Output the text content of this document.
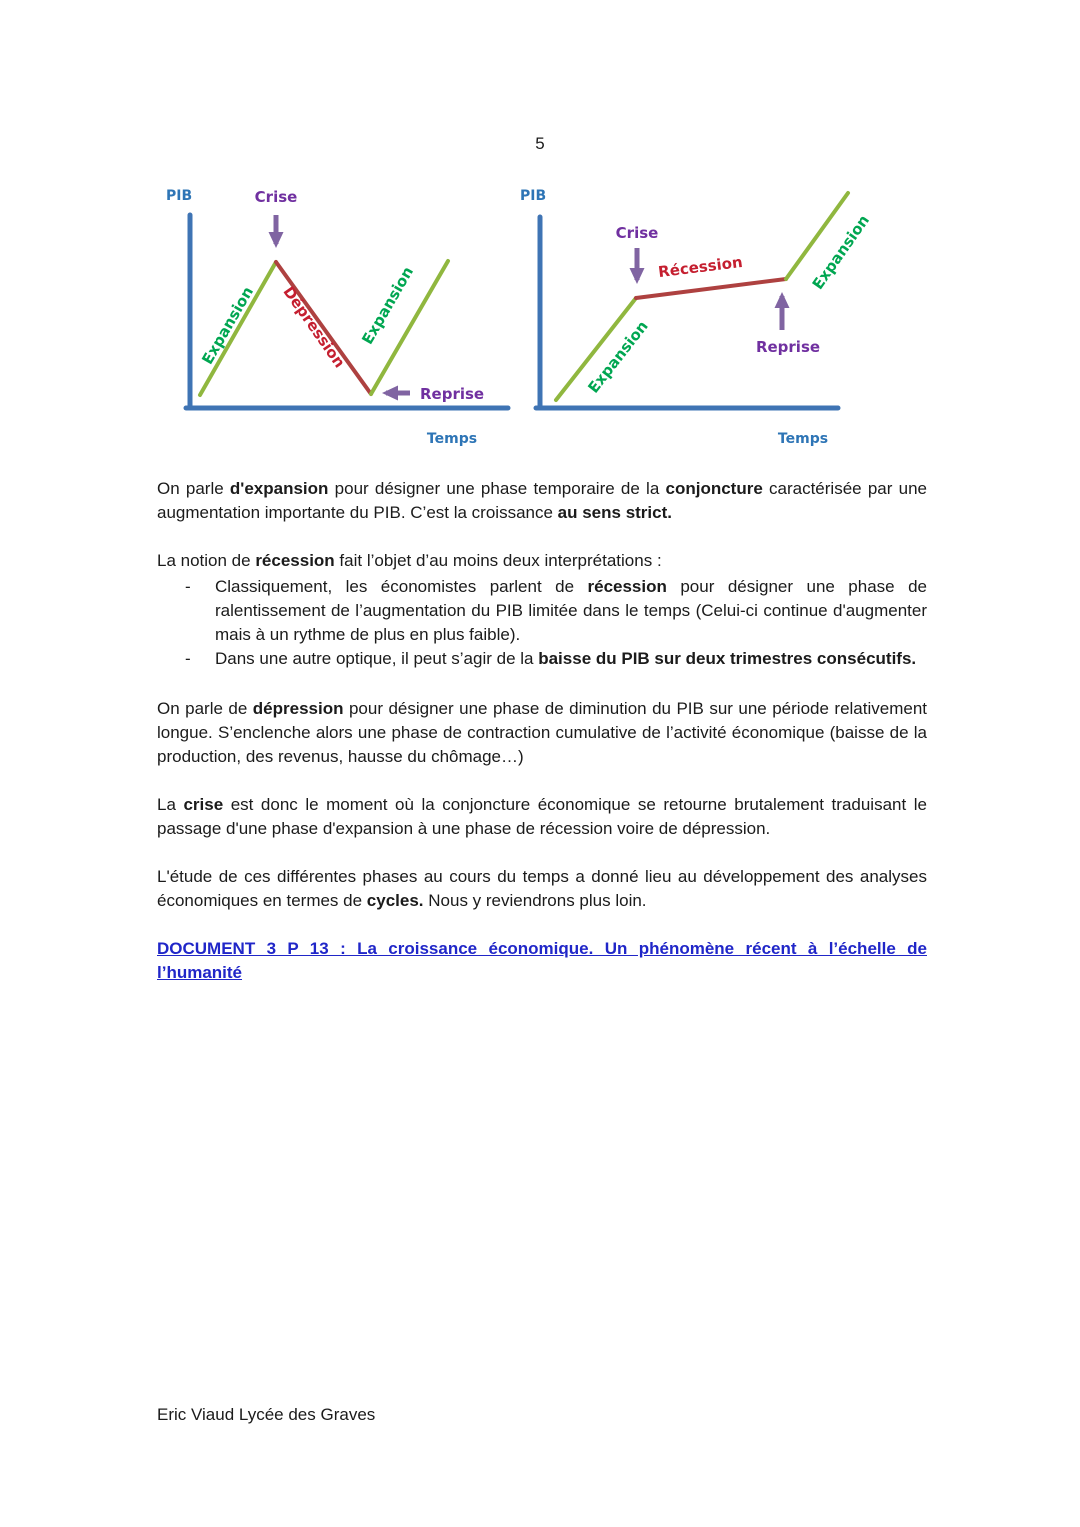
5
PIB	Crise
Expansion Dépression Expansion
Reprise
Temps
PIB
Crise
Récession
Expansion
Expansion
Reprise
Temps

On parle d'expansion pour désigner une phase temporaire de la conjoncture caractérisée par une augmentation importante du PIB. C’est la croissance au sens strict.

La notion de récession fait l’objet d’au moins deux interprétations :

- Classiquement, les économistes parlent de récession pour désigner une phase de ralentissement de l’augmentation du PIB limitée dans le temps (Celui-ci continue d'augmenter mais à un rythme de plus en plus faible).
- Dans une autre optique, il peut s’agir de la baisse du PIB sur deux trimestres consécutifs.

On parle de dépression pour désigner une phase de diminution du PIB sur une période relativement longue. S’enclenche alors une phase de contraction cumulative de l’activité économique (baisse de la production, des revenus, hausse du chômage…)

La crise est donc le moment où la conjoncture économique se retourne brutalement traduisant le passage d'une phase d'expansion à une phase de récession voire de dépression.

L'étude de ces différentes phases au cours du temps a donné lieu au développement des analyses économiques en termes de cycles. Nous y reviendrons plus loin.

DOCUMENT 3 P 13 : La croissance économique. Un phénomène récent à l’échelle de l’humanité

Eric Viaud Lycée des Graves
